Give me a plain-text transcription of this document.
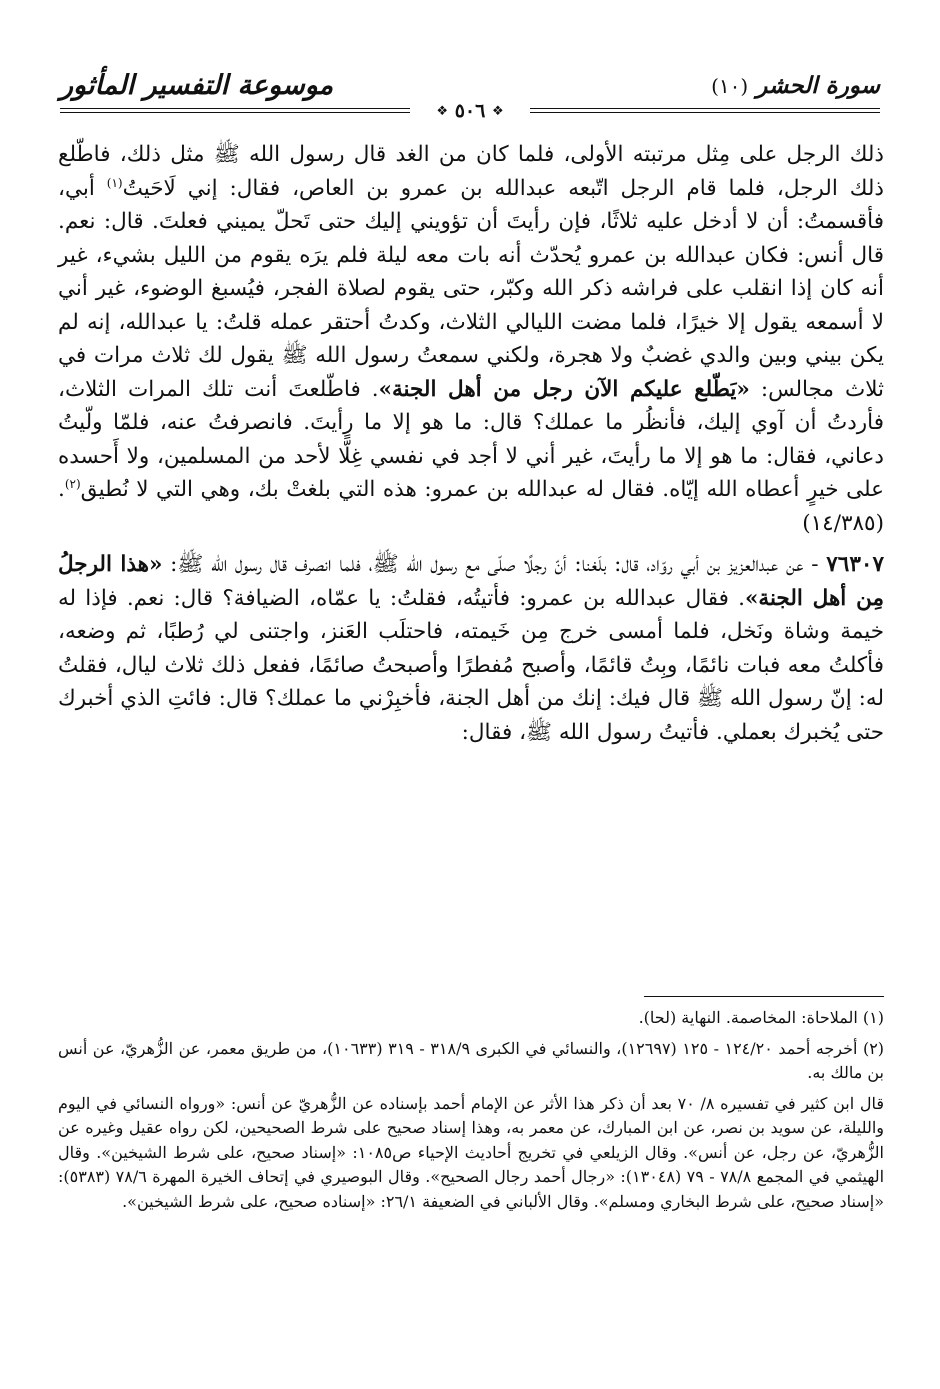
موسوعة التفسير المأثور	(١٠) سورة الحشر
❖ ٥٠٦ ❖

ذلك الرجل على مِثل مرتبته الأولى، فلما كان من الغد قال رسول الله ﷺ مثل ذلك، فاطّلع ذلك الرجل، فلما قام الرجل اتّبعه عبدالله بن عمرو بن العاص، فقال: إني لَاحَيتُ$^{(١)}$ أبي، فأقسمتُ: أن لا أدخل عليه ثلاثًا، فإن رأيتَ أن تؤويني إليك حتى تَحلّ يميني فعلتَ. قال: نعم. قال أنس: فكان عبدالله بن عمرو يُحدّث أنه بات معه ليلة فلم يرَه يقوم من الليل بشيء، غير أنه كان إذا انقلب على فراشه ذكر الله وكبّر، حتى يقوم لصلاة الفجر، فيُسبغ الوضوء، غير أني لا أسمعه يقول إلا خيرًا، فلما مضت الليالي الثلاث، وكدتُ أحتقر عمله قلتُ: يا عبدالله، إنه لم يكن بيني وبين والدي غضبٌ ولا هجرة، ولكني سمعتُ رسول الله ﷺ يقول لك ثلاث مرات في ثلاث مجالس: «يَطّلع عليكم الآن رجل من أهل الجنة». فاطّلعتَ أنت تلك المرات الثلاث، فأردتُ أن آوي إليك، فأنظُر ما عملك؟ قال: ما هو إلا ما رأيتَ. فانصرفتُ عنه، فلمّا ولّيتُ دعاني، فقال: ما هو إلا ما رأيتَ، غير أني لا أجد في نفسي غِلًّا لأحد من المسلمين، ولا أَحسده على خيرٍ أعطاه الله إيّاه. فقال له عبدالله بن عمرو: هذه التي بلغتْ بك، وهي التي لا نُطيق$^{(٢)}$. (١٤/٣٨٥)

٧٦٣٠٧ - عن عبدالعزيز بن أبي روّاد، قال: بلَغنا: أنّ رجلًا صلّى مع رسول الله ﷺ، فلما انصرف قال رسول الله ﷺ: «هذا الرجلُ مِن أهل الجنة». فقال عبدالله بن عمرو: فأتيتُه، فقلتُ: يا عمّاه، الضيافة؟ قال: نعم. فإذا له خيمة وشاة ونَخل، فلما أمسى خرج مِن خَيمته، فاحتلَب العَنز، واجتنى لي رُطبًا، ثم وضعه، فأكلتُ معه فبات نائمًا، وبِتُ قائمًا، وأصبح مُفطرًا وأصبحتُ صائمًا، ففعل ذلك ثلاث ليال، فقلتُ له: إنّ رسول الله ﷺ قال فيك: إنك من أهل الجنة، فأخبِرْني ما عملك؟ قال: فائتِ الذي أخبرك حتى يُخبرك بعملي. فأتيتُ رسول الله ﷺ، فقال:

(١) الملاحاة: المخاصمة. النهاية (لحا).

(٢) أخرجه أحمد ١٢٤/٢٠ - ١٢٥ (١٢٦٩٧)، والنسائي في الكبرى ٣١٨/٩ - ٣١٩ (١٠٦٣٣)، من طريق معمر، عن الزُّهريّ، عن أنس بن مالك به.

قال ابن كثير في تفسيره ٨/ ٧٠ بعد أن ذكر هذا الأثر عن الإمام أحمد بإسناده عن الزُّهريّ عن أنس: «ورواه النسائي في اليوم والليلة، عن سويد بن نصر، عن ابن المبارك، عن معمر به، وهذا إسناد صحيح على شرط الصحيحين، لكن رواه عقيل وغيره عن الزُّهريّ، عن رجل، عن أنس». وقال الزيلعي في تخريج أحاديث الإحياء ص١٠٨٥: «إسناد صحيح، على شرط الشيخين». وقال الهيثمي في المجمع ٧٨/٨ - ٧٩ (١٣٠٤٨): «رجال أحمد رجال الصحيح». وقال البوصيري في إتحاف الخيرة المهرة ٧٨/٦ (٥٣٨٣): «إسناد صحيح، على شرط البخاري ومسلم». وقال الألباني في الضعيفة ٢٦/١: «إسناده صحيح، على شرط الشيخين».
